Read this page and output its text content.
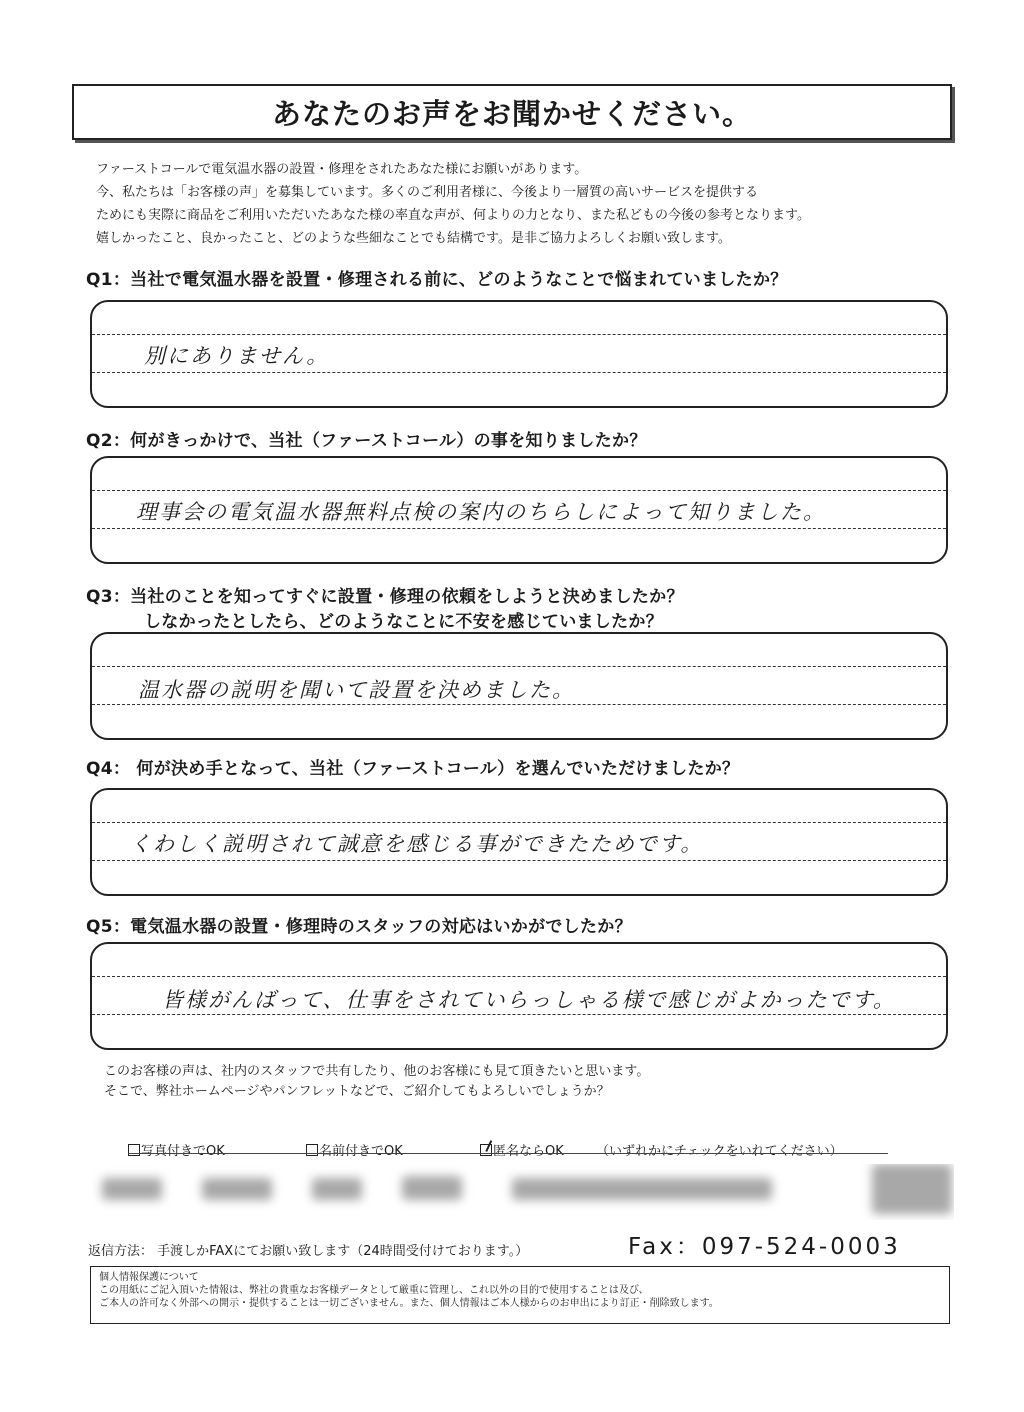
あなたのお声をお聞かせください。
ファーストコールで電気温水器の設置・修理をされたあなた様にお願いがあります。
今、私たちは「お客様の声」を募集しています。多くのご利用者様に、今後より一層質の高いサービスを提供する
ためにも実際に商品をご利用いただいたあなた様の率直な声が、何よりの力となり、また私どもの今後の参考となります。
嬉しかったこと、良かったこと、どのような些細なことでも結構です。是非ご協力よろしくお願い致します。
Q1：当社で電気温水器を設置・修理される前に、どのようなことで悩まれていましたか？
別にありません。
Q2：何がきっかけで、当社（ファーストコール）の事を知りましたか？
理事会の電気温水器無料点検の案内のちらしによって知りました。
Q3：当社のことを知ってすぐに設置・修理の依頼をしようと決めましたか？
しなかったとしたら、どのようなことに不安を感じていましたか？
温水器の説明を聞いて設置を決めました。
Q4： 何が決め手となって、当社（ファーストコール）を選んでいただけましたか？
くわしく説明されて誠意を感じる事ができたためです。
Q5：電気温水器の設置・修理時のスタッフの対応はいかがでしたか？
皆様がんばって、仕事をされていらっしゃる様で感じがよかったです。
このお客様の声は、社内のスタッフで共有したり、他のお客様にも見て頂きたいと思います。
そこで、弊社ホームページやパンフレットなどで、ご紹介してもよろしいでしょうか？
写真付きでOK	名前付きでOK	匿名ならOK （いずれかにチェックをいれてください）
返信方法： 手渡しかFAXにてお願い致します（24時間受付けております。）	Fax：097-524-0003
個人情報保護について
この用紙にご記入頂いた情報は、弊社の貴重なお客様データとして厳重に管理し、これ以外の目的で使用することは及び、
ご本人の許可なく外部への開示・提供することは一切ございません。また、個人情報はご本人様からのお申出により訂正・削除致します。
